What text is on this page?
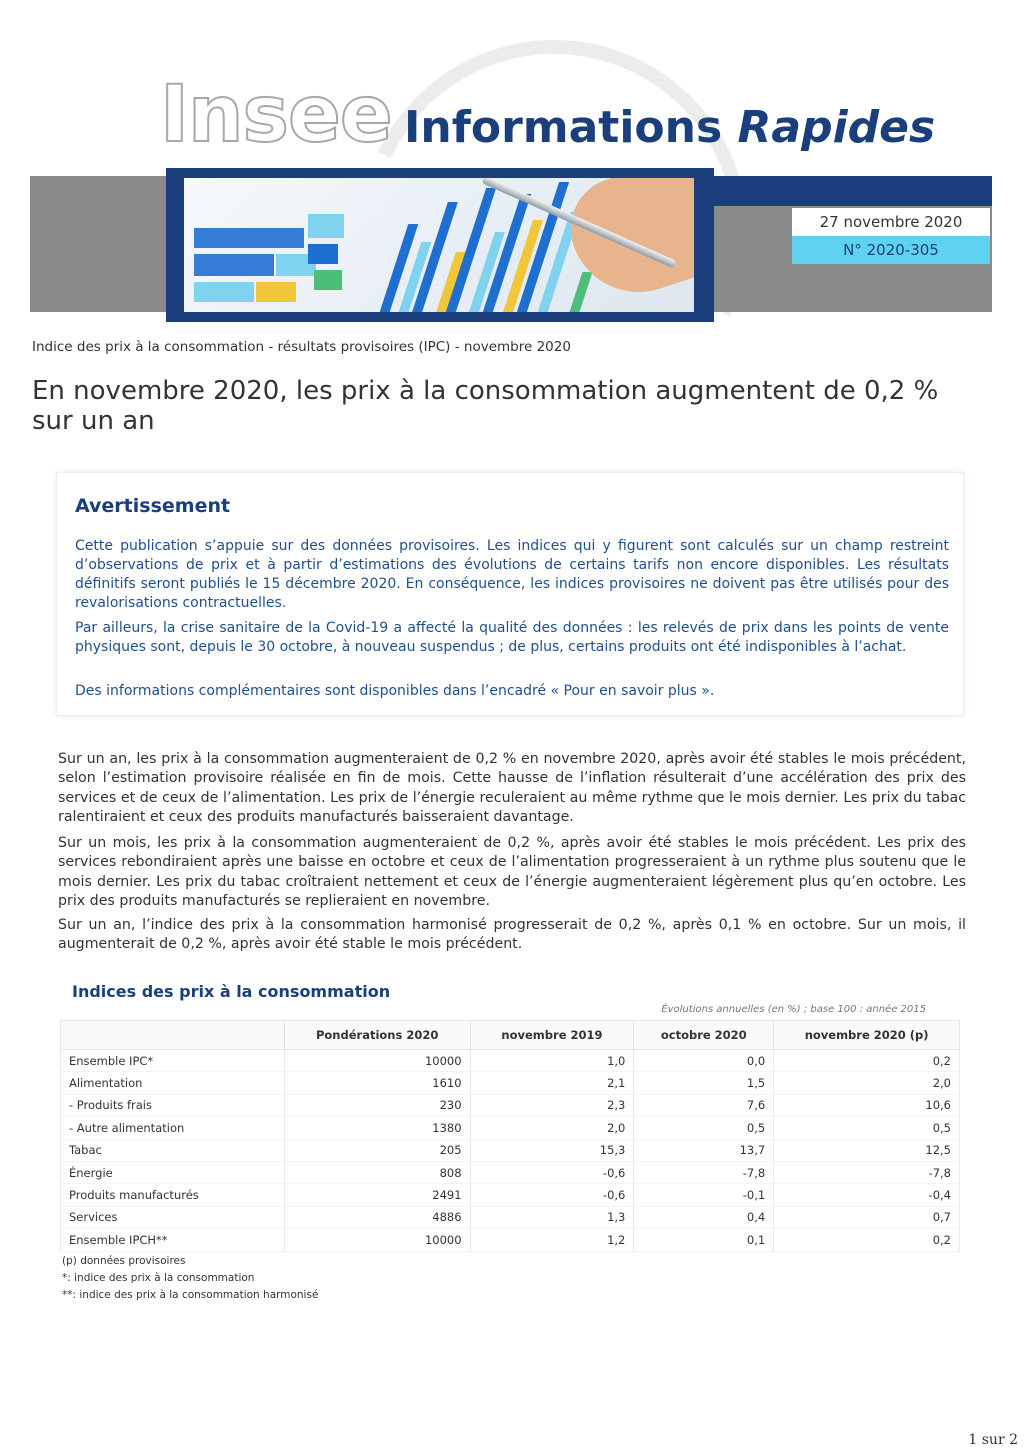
Insee Informations Rapides
27 novembre 2020
N° 2020-305
Indice des prix à la consommation - résultats provisoires (IPC) - novembre 2020
En novembre 2020, les prix à la consommation augmentent de 0,2 % sur un an
Avertissement

Cette publication s’appuie sur des données provisoires. Les indices qui y figurent sont calculés sur un champ restreint d’observations de prix et à partir d’estimations des évolutions de certains tarifs non encore disponibles. Les résultats définitifs seront publiés le 15 décembre 2020. En conséquence, les indices provisoires ne doivent pas être utilisés pour des revalorisations contractuelles.

Par ailleurs, la crise sanitaire de la Covid-19 a affecté la qualité des données : les relevés de prix dans les points de vente physiques sont, depuis le 30 octobre, à nouveau suspendus ; de plus, certains produits ont été indisponibles à l’achat.

Des informations complémentaires sont disponibles dans l’encadré « Pour en savoir plus ».

Sur un an, les prix à la consommation augmenteraient de 0,2 % en novembre 2020, après avoir été stables le mois précédent, selon l’estimation provisoire réalisée en fin de mois. Cette hausse de l’inflation résulterait d’une accélération des prix des services et de ceux de l’alimentation. Les prix de l’énergie reculeraient au même rythme que le mois dernier. Les prix du tabac ralentiraient et ceux des produits manufacturés baisseraient davantage.

Sur un mois, les prix à la consommation augmenteraient de 0,2 %, après avoir été stables le mois précédent. Les prix des services rebondiraient après une baisse en octobre et ceux de l’alimentation progresseraient à un rythme plus soutenu que le mois dernier. Les prix du tabac croîtraient nettement et ceux de l’énergie augmenteraient légèrement plus qu’en octobre. Les prix des produits manufacturés se replieraient en novembre.

Sur un an, l’indice des prix à la consommation harmonisé progresserait de 0,2 %, après 0,1 % en octobre. Sur un mois, il augmenterait de 0,2 %, après avoir été stable le mois précédent.

Indices des prix à la consommation
Évolutions annuelles (en %) ; base 100 : année 2015
	Pondérations 2020	novembre 2019	octobre 2020	novembre 2020 (p)
Ensemble IPC*	10000	1,0	0,0	0,2
Alimentation	1610	2,1	1,5	2,0
- Produits frais	230	2,3	7,6	10,6
- Autre alimentation	1380	2,0	0,5	0,5
Tabac	205	15,3	13,7	12,5
Énergie	808	-0,6	-7,8	-7,8
Produits manufacturés	2491	-0,6	-0,1	-0,4
Services	4886	1,3	0,4	0,7
Ensemble IPCH**	10000	1,2	0,1	0,2
(p) données provisoires
*: indice des prix à la consommation
**: indice des prix à la consommation harmonisé
1 sur 2
